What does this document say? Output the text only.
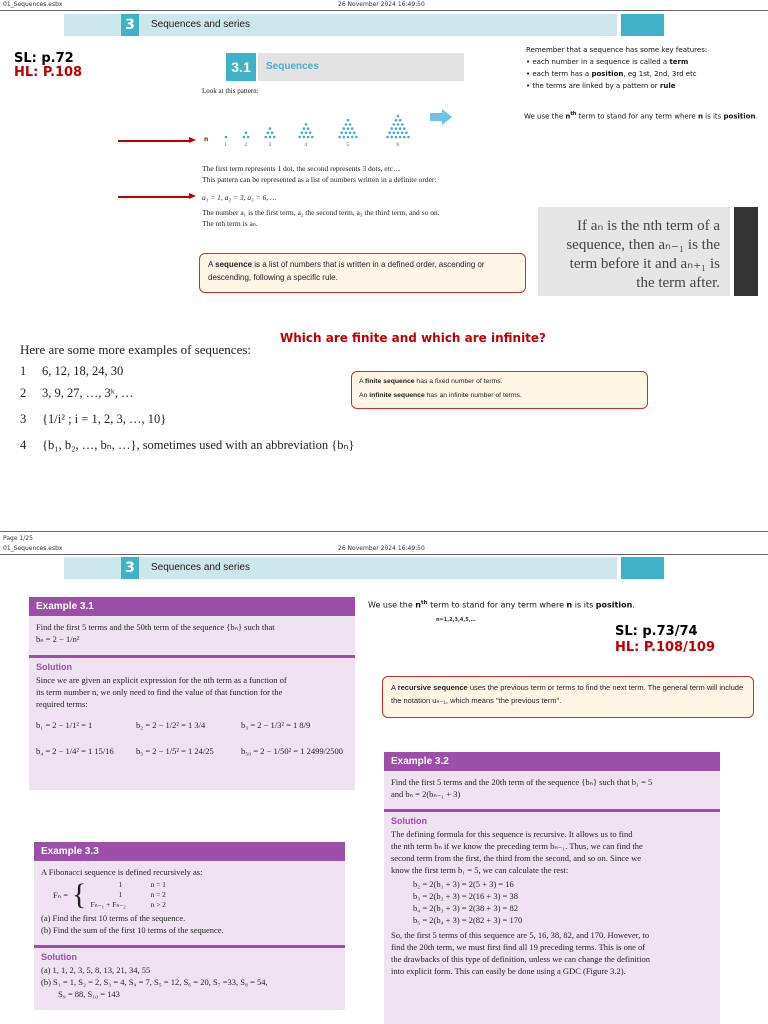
01_Sequences.esbx	26 November 2024 16:49:50
3	Sequences and series
SL: p.72
HL: P.108	3.1	Sequences
Remember that a sequence has some key features:
• each number in a sequence is called a term
• each term has a position, eg 1st, 2nd, 3rd etc
• the terms are linked by a pattern or rule
We use the $n^{th}$ term to stand for any term where n is its position.
Look at this pattern:
n
1	2	3	4	5	6
The first term represents 1 dot, the second represents 3 dots, etc…
This pattern can be represented as a list of numbers written in a definite order:
a₁ = 1, a₂ = 3, a₃ = 6, …
The number a₁ is the first term, a₂ the second term, a₃ the third term, and so on.
The nth term is aₙ.
A sequence is a list of numbers that is written in a defined order, ascending or descending, following a specific rule.
If aₙ is the nth term of a
sequence, then aₙ₋₁ is the
term before it and aₙ₊₁ is
the term after.
Which are finite and which are infinite?
Here are some more examples of sequences:
1 6, 12, 18, 24, 30
2 3, 9, 27, …, 3ᵏ, …
3 {1/i² ; i = 1, 2, 3, …, 10}
4 {b₁, b₂, …, bₙ, …}, sometimes used with an abbreviation {bₙ}
A finite sequence has a fixed number of terms.
An infinite sequence has an infinite number of terms.
Page 1/25
01_Sequences.esbx	26 November 2024 16:49:50
3	Sequences and series
Example 3.1
Find the first 5 terms and the 50th term of the sequence {bₙ} such that
bₙ = 2 − 1/n²
Solution
Since we are given an explicit expression for the nth term as a function of
its term number n, we only need to find the value of that function for the
required terms:
b₁ = 2 − 1/1² = 1	b₂ = 2 − 1/2² = 1 3/4	b₃ = 2 − 1/3² = 1 8/9
b₄ = 2 − 1/4² = 1 15/16	b₅ = 2 − 1/5² = 1 24/25	b₅₀ = 2 − 1/50² = 1 2499/2500
We use the $n^{th}$ term to stand for any term where n is its position.
n=1,2,3,4,5,…
SL: p.73/74
HL: P.108/109
A recursive sequence uses the previous term or terms to find the next term. The general term will include the notation uₙ₋₁, which means "the previous term".
Example 3.2
Find the first 5 terms and the 20th term of the sequence {bₙ} such that b₁ = 5
and bₙ = 2(bₙ₋₁ + 3)
Solution
The defining formula for this sequence is recursive. It allows us to find
the nth term bₙ if we know the preceding term bₙ₋₁. Thus, we can find the
second term from the first, the third from the second, and so on. Since we
know the first term b₁ = 5, we can calculate the rest:
b₂ = 2(b₁ + 3) = 2(5 + 3) = 16
b₃ = 2(b₂ + 3) = 2(16 + 3) = 38
b₄ = 2(b₃ + 3) = 2(38 + 3) = 82
b₅ = 2(b₄ + 3) = 2(82 + 3) = 170
So, the first 5 terms of this sequence are 5, 16, 38, 82, and 170. However, to
find the 20th term, we must first find all 19 preceding terms. This is one of
the drawbacks of this type of definition, unless we can change the definition
into explicit form. This can easily be done using a GDC (Figure 3.2).
Example 3.3
A Fibonacci sequence is defined recursively as:
Fₙ = {	1	n = 1
1	n = 2
Fₙ₋₁ + Fₙ₋₂	n > 2
(a) Find the first 10 terms of the sequence.
(b) Find the sum of the first 10 terms of the sequence.
Solution
(a) 1, 1, 2, 3, 5, 8, 13, 21, 34, 55
(b) S₁ = 1, S₂ = 2, S₃ = 4, S₄ = 7, S₅ = 12, S₆ = 20, S₇ =33, S₈ = 54,
S₉ = 88, S₁₀ = 143
